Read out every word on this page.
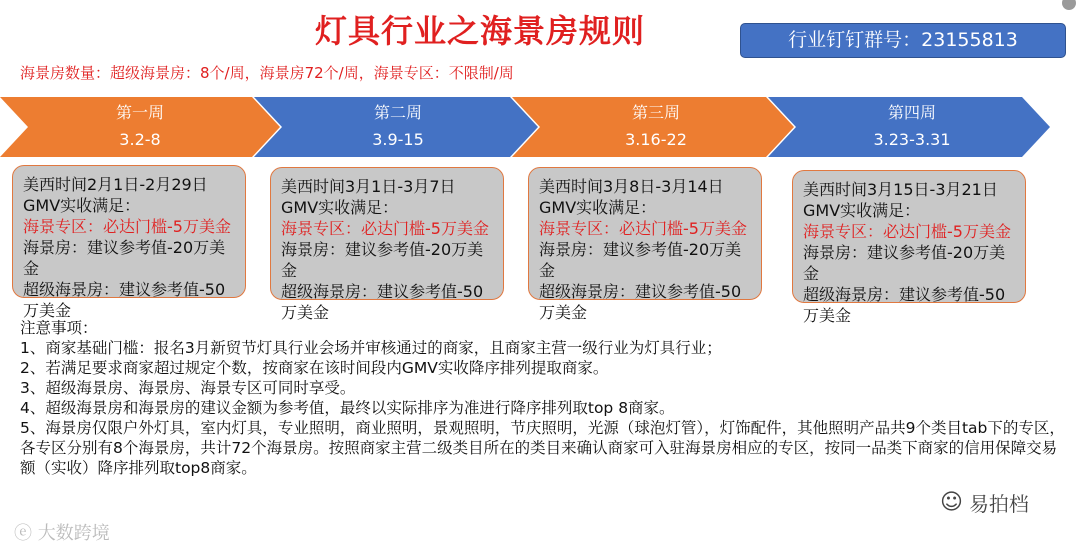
灯具行业之海景房规则	行业钉钉群号：23155813
海景房数量：超级海景房：8个/周，海景房72个/周，海景专区：不限制/周
第一周
3.2-8
第二周
3.9-15
第三周
3.16-22
第四周
3.23-3.31
美西时间2月1日-2月29日
GMV实收满足：
海景专区：必达门槛-5万美金
海景房：建议参考值-20万美金
超级海景房：建议参考值-50万美金
美西时间3月1日-3月7日
GMV实收满足：
海景专区：必达门槛-5万美金
海景房：建议参考值-20万美金
超级海景房：建议参考值-50万美金
美西时间3月8日-3月14日
GMV实收满足：
海景专区：必达门槛-5万美金
海景房：建议参考值-20万美金
超级海景房：建议参考值-50万美金
美西时间3月15日-3月21日
GMV实收满足：
海景专区：必达门槛-5万美金
海景房：建议参考值-20万美金
超级海景房：建议参考值-50万美金

注意事项：

1、商家基础门槛：报名3月新贸节灯具行业会场并审核通过的商家，且商家主营一级行业为灯具行业；

2、若满足要求商家超过规定个数，按商家在该时间段内GMV实收降序排列提取商家。

3、超级海景房、海景房、海景专区可同时享受。

4、超级海景房和海景房的建议金额为参考值，最终以实际排序为准进行降序排列取top 8商家。

5、海景房仅限户外灯具，室内灯具，专业照明，商业照明，景观照明，节庆照明，光源（球泡灯管），灯饰配件，其他照明产品共9个类目tab下的专区，各专区分别有8个海景房，共计72个海景房。按照商家主营二级类目所在的类目来确认商家可入驻海景房相应的专区，按同一品类下商家的信用保障交易额（实收）降序排列取top8商家。

ⓔ 大数跨境
☺ 易拍档
